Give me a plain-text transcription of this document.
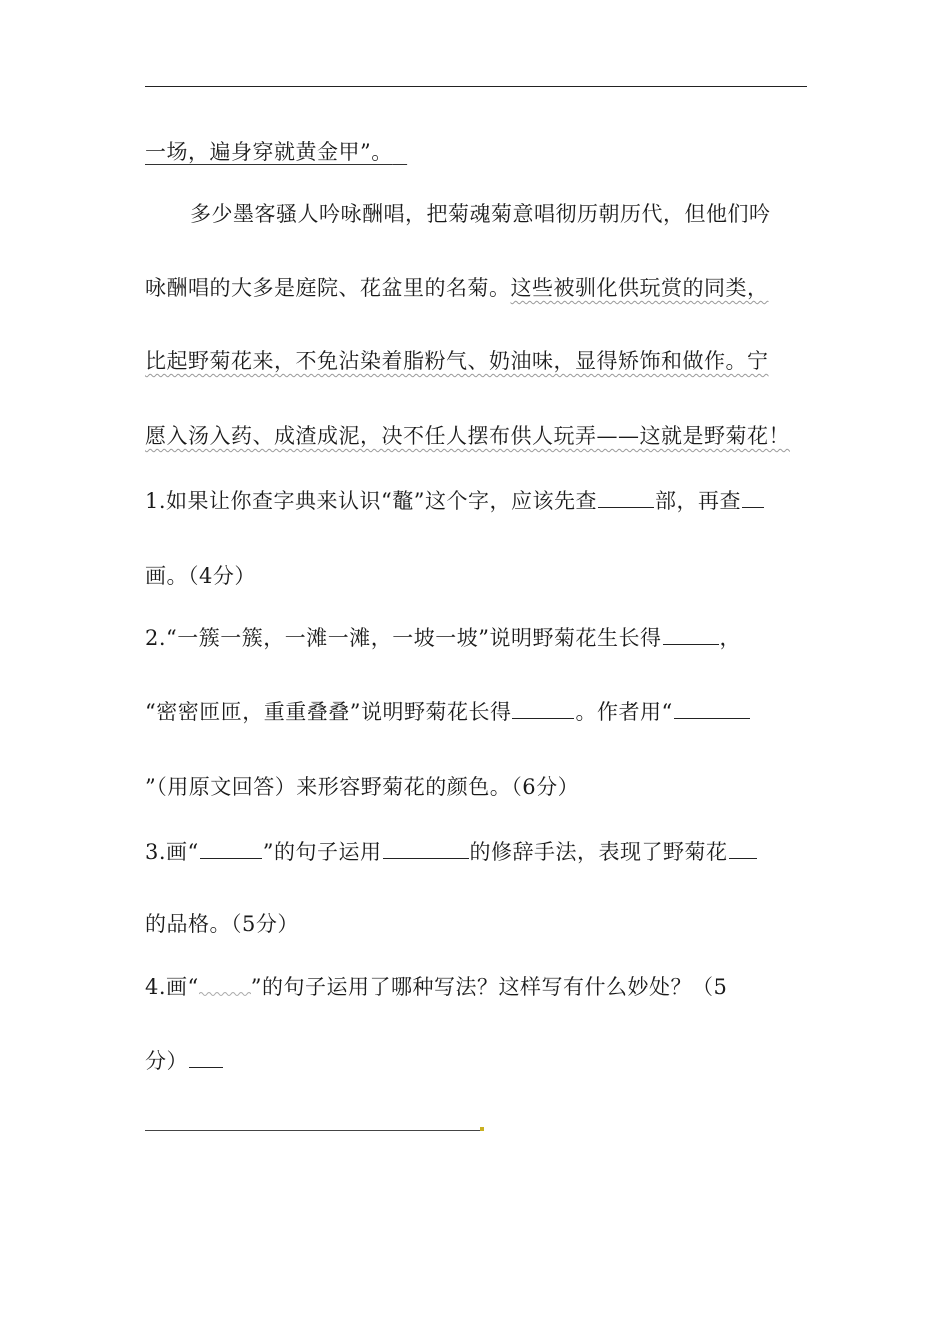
一场，遍身穿就黄金甲”。
多少墨客骚人吟咏酬唱，把菊魂菊意唱彻历朝历代，但他们吟
咏酬唱的大多是庭院、花盆里的名菊。这些被驯化供玩赏的同类，
比起野菊花来，不免沾染着脂粉气、奶油味，显得矫饰和做作。宁
愿入汤入药、成渣成泥，决不任人摆布供人玩弄——这就是野菊花！
1.如果让你查字典来认识“鼇”这个字，应该先查	部，再查
画。（4分）
2.“一簇一簇，一滩一滩，一坡一坡”说明野菊花生长得	，
“密密匝匝，重重叠叠”说明野菊花长得	。作者用“
”（用原文回答）来形容野菊花的颜色。（6分）
3.画“	”的句子运用	的修辞手法，表现了野菊花
的品格。（5分）
4.画“ ”的句子运用了哪种写法？这样写有什么妙处？（5
分）
